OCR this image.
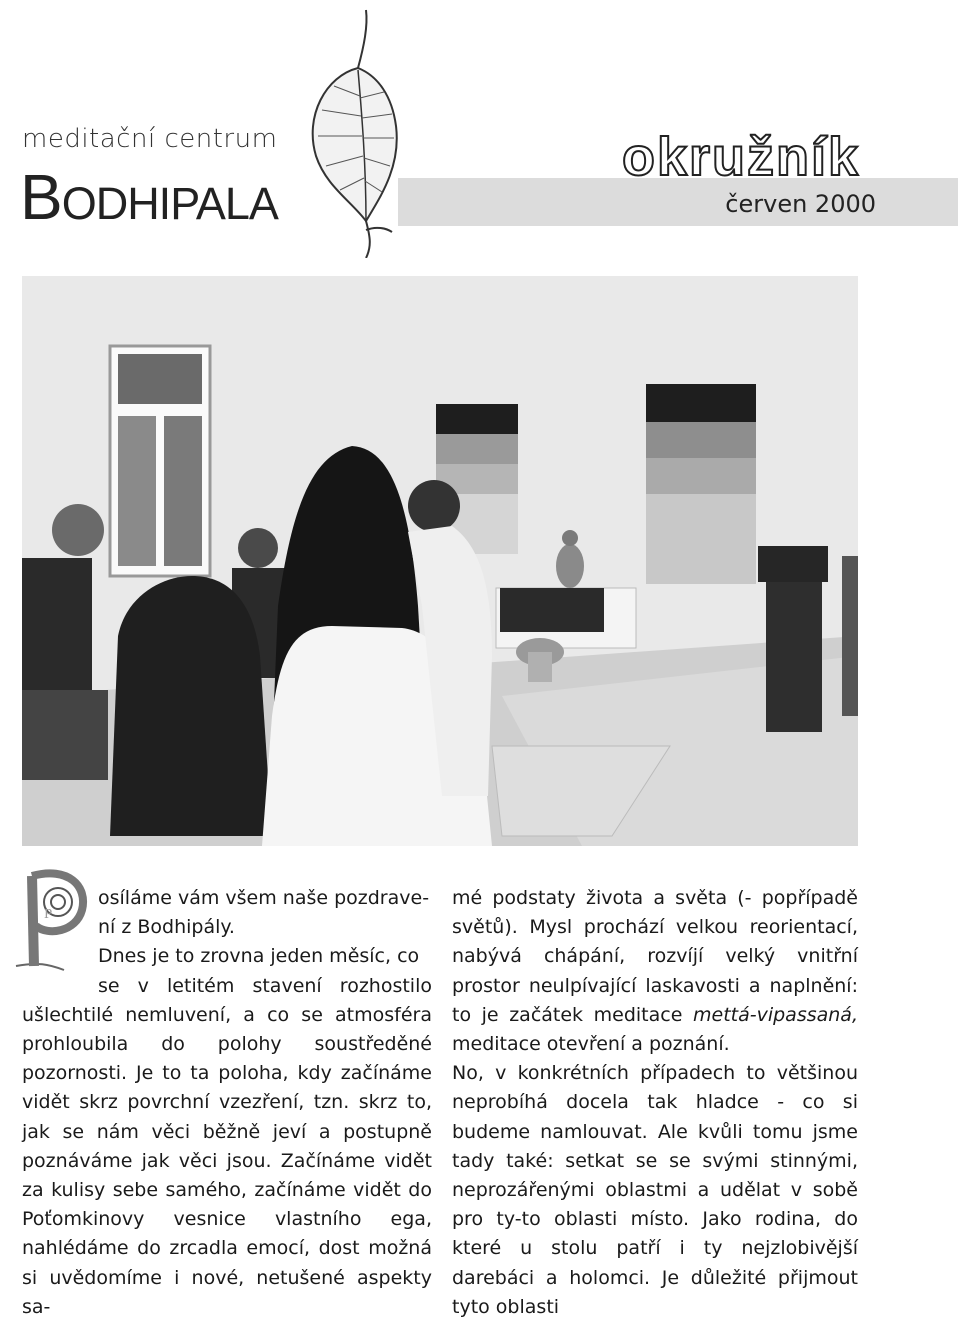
meditační centrum
Bodhipala
okružník
červen 2000
P

osíláme vám všem naše pozdrave-
ní z Bodhipály.

Dnes je to zrovna jeden měsíc, co
se v letitém stavení rozhostilo ušlechtilé nemluvení, a co se atmosféra prohloubila do polohy soustředěné pozornosti. Je to ta poloha, kdy začínáme vidět skrz povrchní vzezření, tzn. skrz to, jak se nám věci běžně jeví a postupně poznáváme jak věci jsou. Začínáme vidět za kulisy sebe samého, začínáme vidět do Poťomkinovy vesnice vlastního ega, nahlédáme do zrcadla emocí, dost možná si uvědomíme i nové, netušené aspekty sa-

mé podstaty života a světa (- popřípadě světů). Mysl prochází velkou reorientací, nabývá chápání, rozvíjí velký vnitřní prostor neulpívající laskavosti a naplnění: to je začátek meditace mettá-vipassaná, meditace otevření a poznání.

No, v konkrétních případech to většinou neprobíhá docela tak hladce - co si budeme namlouvat. Ale kvůli tomu jsme tady také: setkat se se svými stinnými, neprozářenými oblastmi a udělat v sobě pro ty-to oblasti místo. Jako rodina, do které u stolu patří i ty nejzlobivější darebáci a holomci. Je důležité přijmout tyto oblasti
